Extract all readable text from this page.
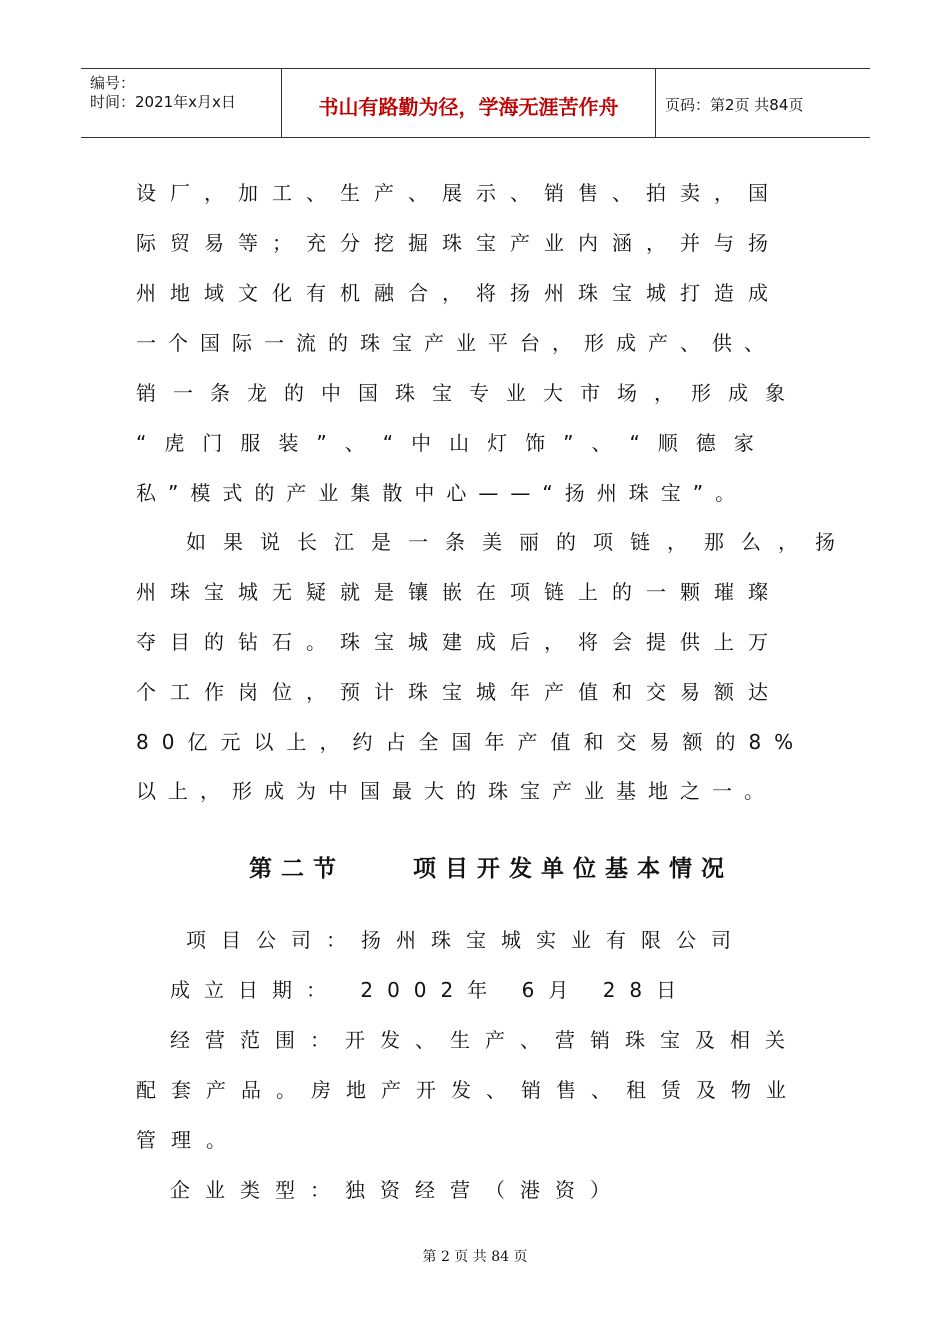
编号：
时间：2021年x月x日	书山有路勤为径，学海无涯苦作舟	页码：第2页 共84页
设厂，加工、生产、展示、销售、拍卖，国
际贸易等；充分挖掘珠宝产业内涵，并与扬
州地域文化有机融合，将扬州珠宝城打造成
一个国际一流的珠宝产业平台，形成产、供、
销一条龙的中国珠宝专业大市场，形成象
“虎门服装”、“中山灯饰”、“顺德家
私”模式的产业集散中心——“扬州珠宝”。
如果说长江是一条美丽的项链，那么，扬
州珠宝城无疑就是镶嵌在项链上的一颗璀璨
夺目的钻石。珠宝城建成后，将会提供上万
个工作岗位，预计珠宝城年产值和交易额达
80亿元以上，约占全国年产值和交易额的8%
以上，形成为中国最大的珠宝产业基地之一。
第二节    项目开发单位基本情况
项目公司：扬州珠宝城实业有限公司
成立日期： 2002年 6月 28日
经营范围：开发、生产、营销珠宝及相关
配套产品。房地产开发、销售、租赁及物业
管理。
企业类型：独资经营（港资）
第 2 页 共 84 页
